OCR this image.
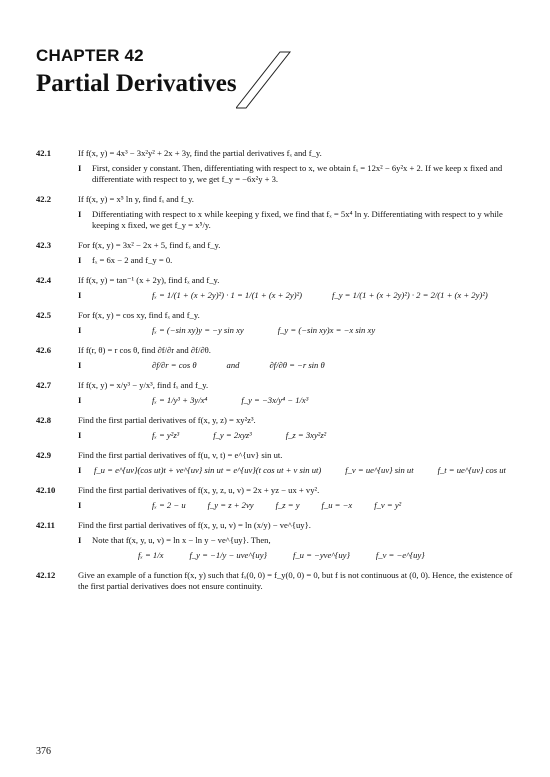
CHAPTER 42
Partial Derivatives
42.1	If f(x, y) = 4x³ − 3x²y² + 2x + 3y, find the partial derivatives fₓ and f_y.
I	First, consider y constant. Then, differentiating with respect to x, we obtain fₓ = 12x² − 6y²x + 2. If we keep x fixed and differentiate with respect to y, we get f_y = −6x²y + 3.
42.2	If f(x, y) = x⁵ ln y, find fₓ and f_y.
I	Differentiating with respect to x while keeping y fixed, we find that fₓ = 5x⁴ ln y. Differentiating with respect to y while keeping x fixed, we get f_y = x⁵/y.
42.3	For f(x, y) = 3x² − 2x + 5, find fₓ and f_y.
I	fₓ = 6x − 2 and f_y = 0.
42.4	If f(x, y) = tan⁻¹ (x + 2y), find fₓ and f_y.
I	fₓ = 1/(1 + (x + 2y)²) · 1 = 1/(1 + (x + 2y)²)	f_y = 1/(1 + (x + 2y)²) · 2 = 2/(1 + (x + 2y)²)
42.5	For f(x, y) = cos xy, find fₓ and f_y.
I	fₓ = (−sin xy)y = −y sin xy	f_y = (−sin xy)x = −x sin xy
42.6	If f(r, θ) = r cos θ, find ∂f/∂r and ∂f/∂θ.
I	∂f/∂r = cos θ	and	∂f/∂θ = −r sin θ
42.7	If f(x, y) = x/y³ − y/x³, find fₓ and f_y.
I	fₓ = 1/y³ + 3y/x⁴	f_y = −3x/y⁴ − 1/x³
42.8	Find the first partial derivatives of f(x, y, z) = xy²z³.
I	fₓ = y²z³	f_y = 2xyz³	f_z = 3xy²z²
42.9	Find the first partial derivatives of f(u, v, t) = e^{uv} sin ut.
I	f_u = e^{uv}(cos ut)t + ve^{uv} sin ut = e^{uv}(t cos ut + v sin ut)	f_v = ue^{uv} sin ut	f_t = ue^{uv} cos ut
42.10	Find the first partial derivatives of f(x, y, z, u, v) = 2x + yz − ux + vy².
I	fₓ = 2 − u	f_y = z + 2vy	f_z = y	f_u = −x	f_v = y²
42.11	Find the first partial derivatives of f(x, y, u, v) = ln (x/y) − ve^{uy}.
I	Note that f(x, y, u, v) = ln x − ln y − ve^{uy}. Then,
fₓ = 1/x	f_y = −1/y − uve^{uy}	f_u = −yve^{uy}	f_v = −e^{uy}
42.12	Give an example of a function f(x, y) such that fₓ(0, 0) = f_y(0, 0) = 0, but f is not continuous at (0, 0). Hence, the existence of the first partial derivatives does not ensure continuity.
376
